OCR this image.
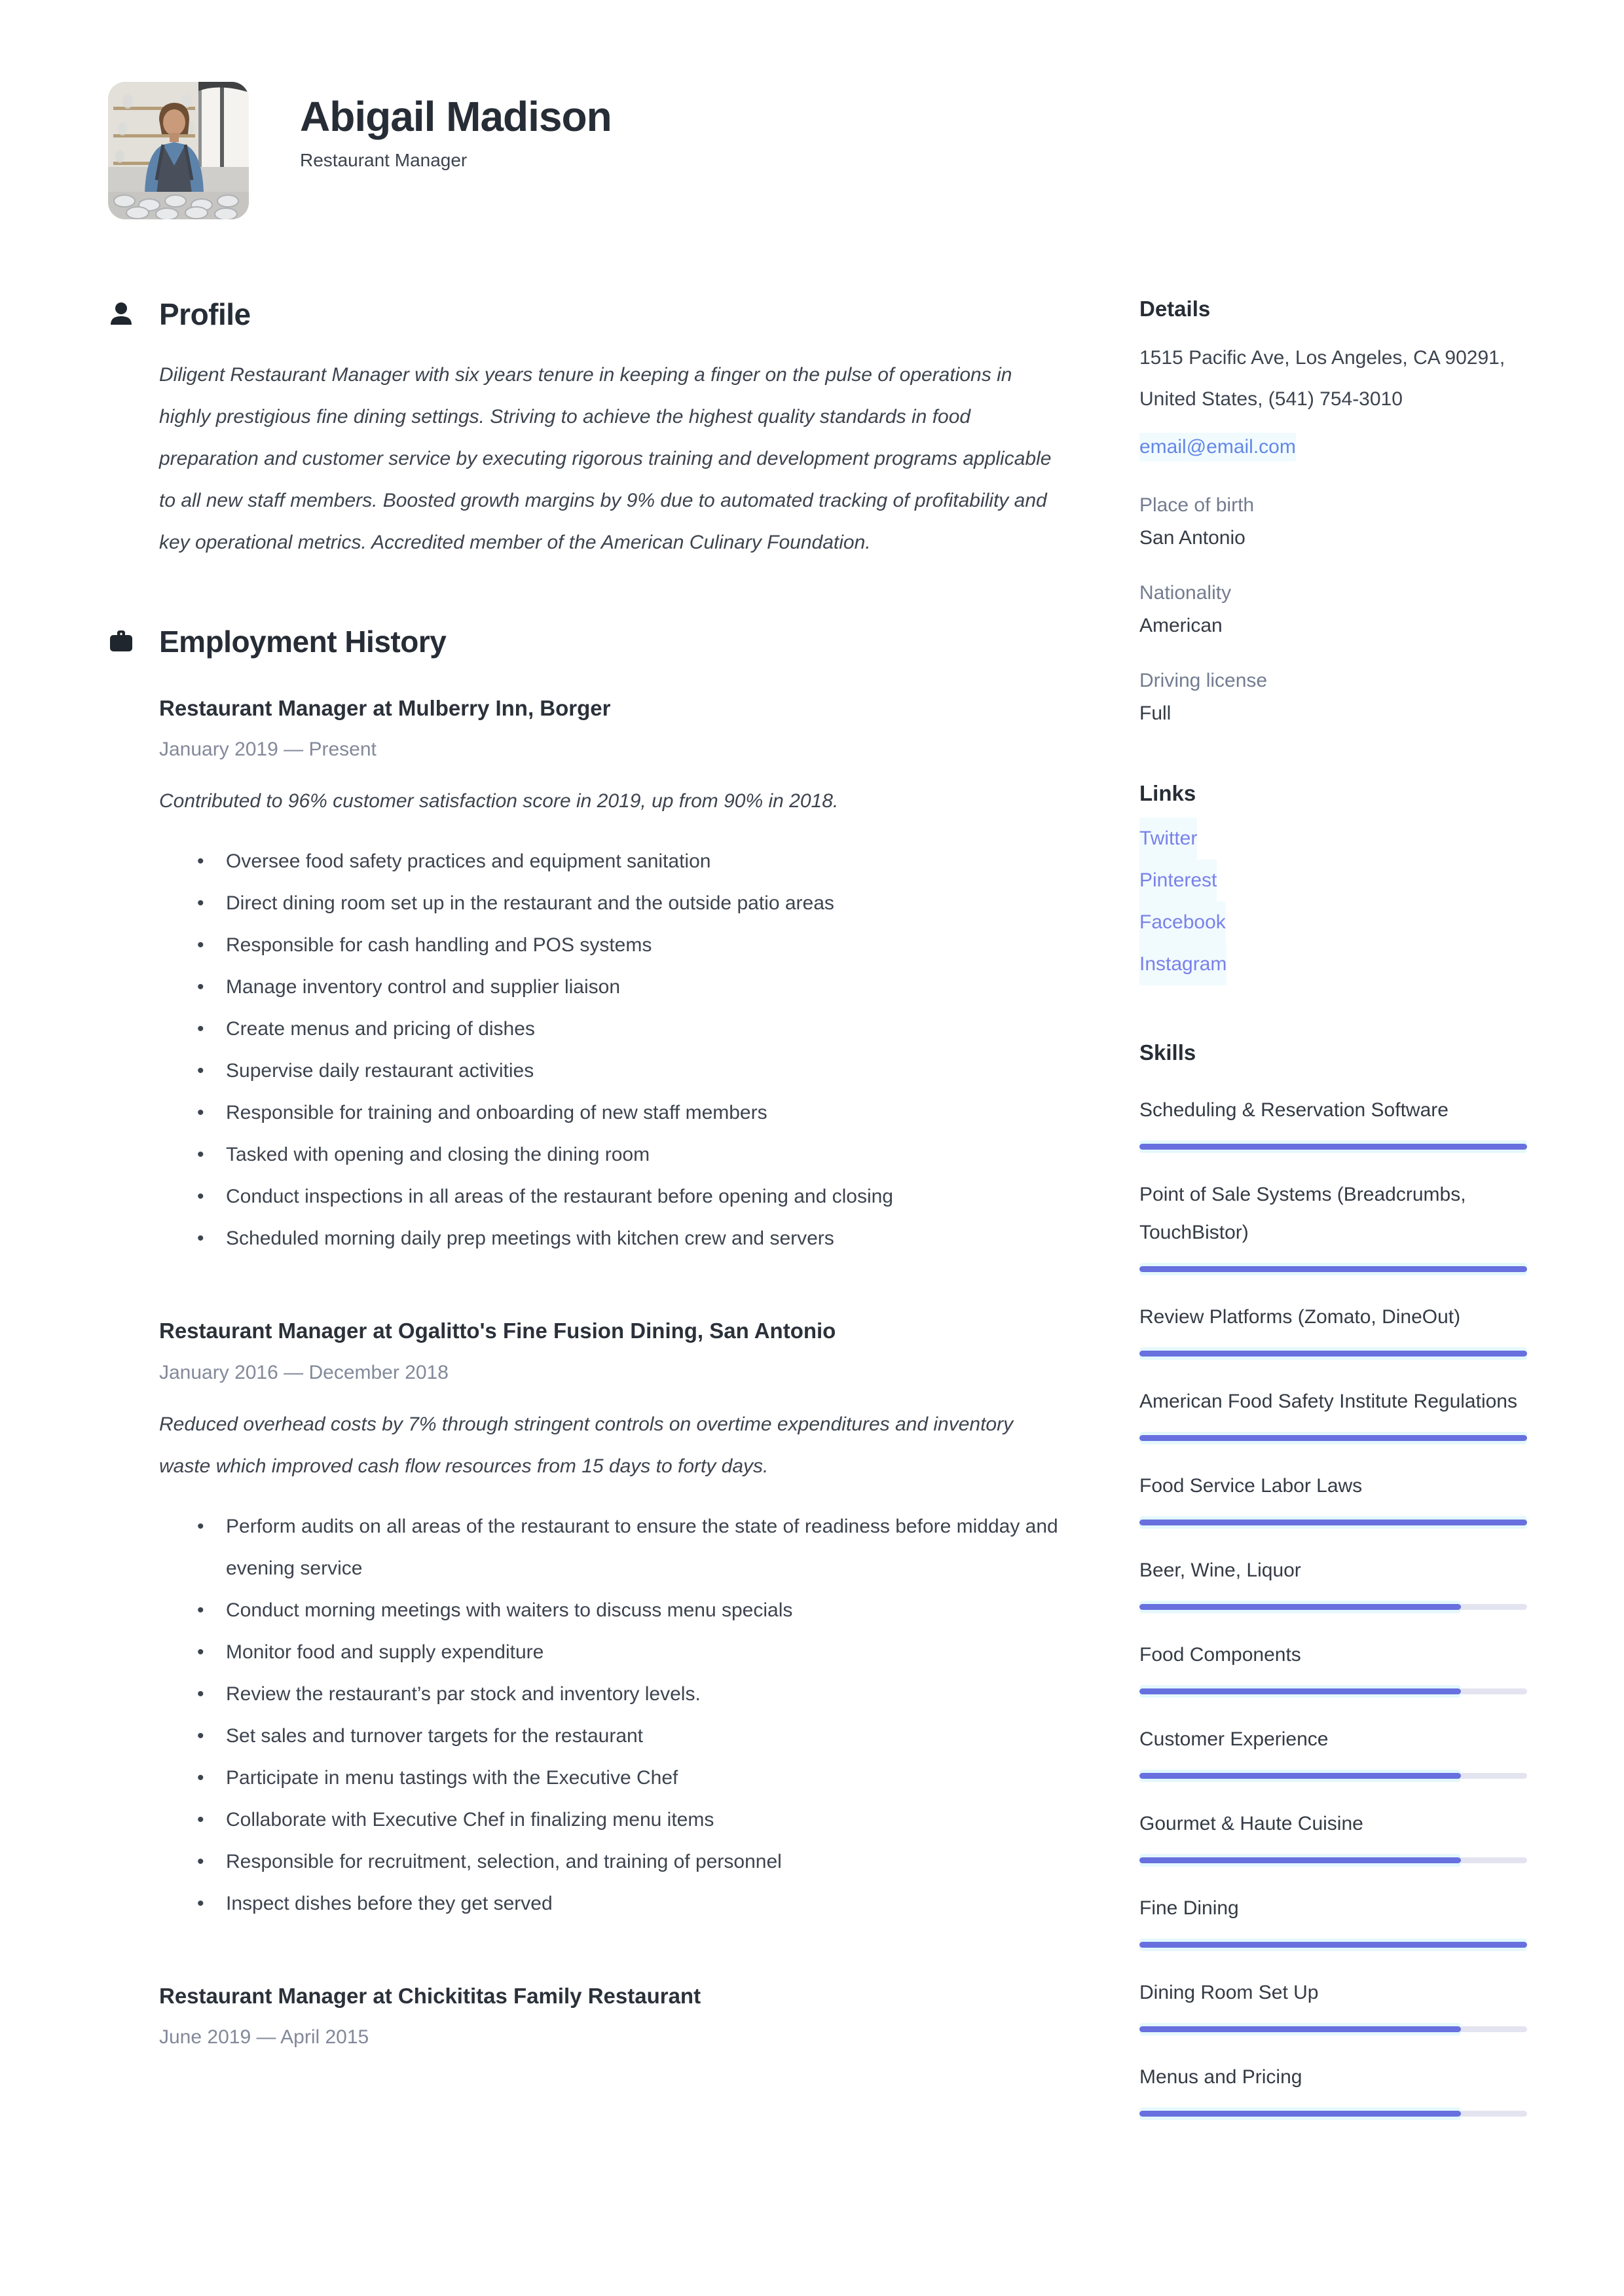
Abigail Madison
Restaurant Manager
Profile

Diligent Restaurant Manager with six years tenure in keeping a finger on the pulse of operations in highly prestigious fine dining settings. Striving to achieve the highest quality standards in food preparation and customer service by executing rigorous training and development programs applicable to all new staff members. Boosted growth margins by 9% due to automated tracking of profitability and key operational metrics. Accredited member of the American Culinary Foundation.

Employment History
Restaurant Manager at Mulberry Inn, Borger
January 2019 — Present

Contributed to 96% customer satisfaction score in 2019, up from 90% in 2018.

• Oversee food safety practices and equipment sanitation
• Direct dining room set up in the restaurant and the outside patio areas
• Responsible for cash handling and POS systems
• Manage inventory control and supplier liaison
• Create menus and pricing of dishes
• Supervise daily restaurant activities
• Responsible for training and onboarding of new staff members
• Tasked with opening and closing the dining room
• Conduct inspections in all areas of the restaurant before opening and closing
• Scheduled morning daily prep meetings with kitchen crew and servers
Restaurant Manager at Ogalitto's Fine Fusion Dining, San Antonio
January 2016 — December 2018

Reduced overhead costs by 7% through stringent controls on overtime expenditures and inventory waste which improved cash flow resources from 15 days to forty days.

• Perform audits on all areas of the restaurant to ensure the state of readiness before midday and evening service
• Conduct morning meetings with waiters to discuss menu specials
• Monitor food and supply expenditure
• Review the restaurant’s par stock and inventory levels.
• Set sales and turnover targets for the restaurant
• Participate in menu tastings with the Executive Chef
• Collaborate with Executive Chef in finalizing menu items
• Responsible for recruitment, selection, and training of personnel
• Inspect dishes before they get served
Restaurant Manager at Chickititas Family Restaurant
June 2019 — April 2015
Details
1515 Pacific Ave, Los Angeles, CA 90291, United States, (541) 754-3010
email@email.com
Place of birth
San Antonio
Nationality
American
Driving license
Full
Links
Twitter
Pinterest
Facebook
Instagram
Skills
Scheduling & Reservation Software
Point of Sale Systems (Breadcrumbs, TouchBistor)
Review Platforms (Zomato, DineOut)
American Food Safety Institute Regulations
Food Service Labor Laws
Beer, Wine, Liquor
Food Components
Customer Experience
Gourmet & Haute Cuisine
Fine Dining
Dining Room Set Up
Menus and Pricing
